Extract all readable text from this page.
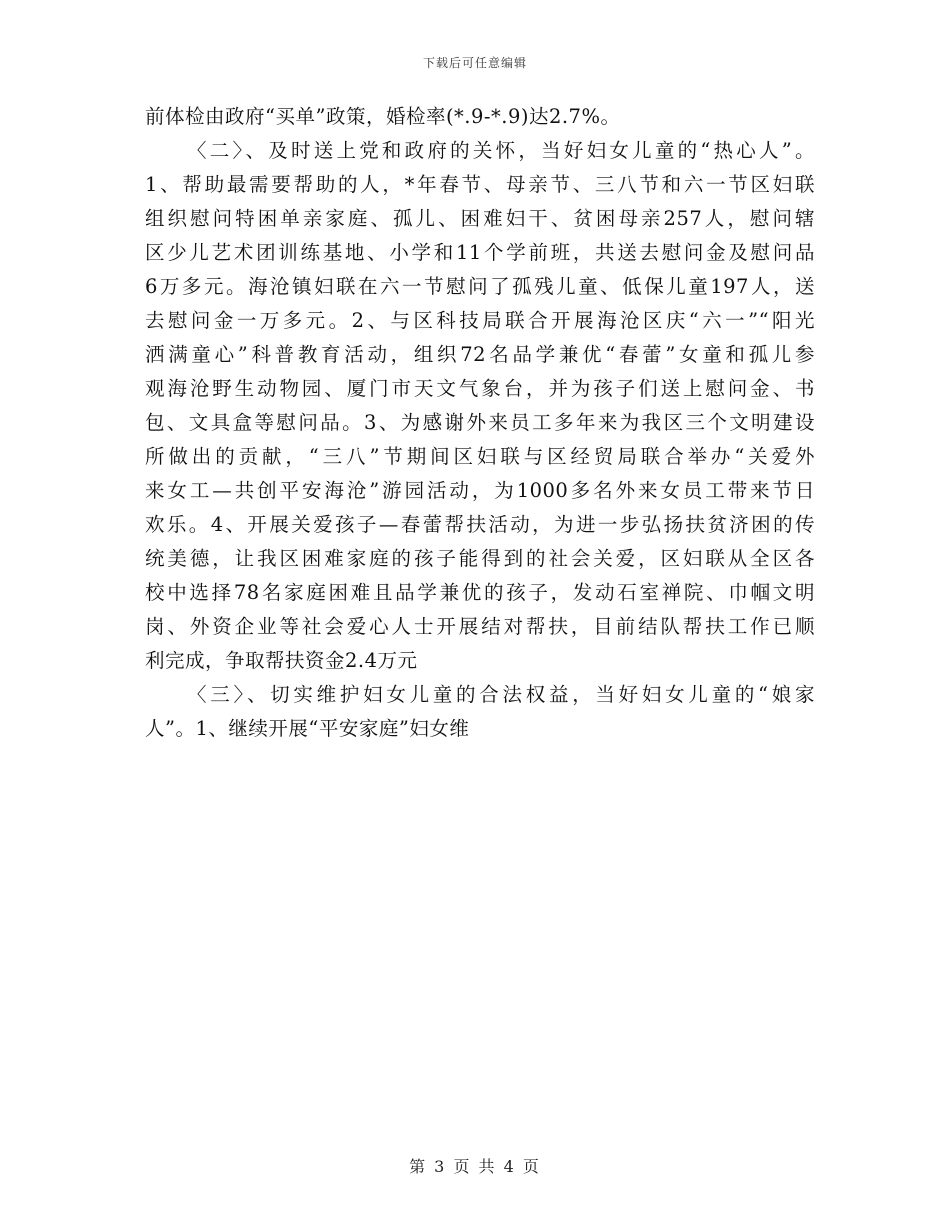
下载后可任意编辑
前体检由政府“买单”政策，婚检率(*.9-*.9)达2.7%。
〈二〉、及时送上党和政府的关怀，当好妇女儿童的“热心人”。
1、帮助最需要帮助的人，*年春节、母亲节、三八节和六一节区妇联
组织慰问特困单亲家庭、孤儿、困难妇干、贫困母亲257人，慰问辖
区少儿艺术团训练基地、小学和11个学前班，共送去慰问金及慰问品
6万多元。海沧镇妇联在六一节慰问了孤残儿童、低保儿童197人，送
去慰问金一万多元。2、与区科技局联合开展海沧区庆“六一”“阳光
洒满童心”科普教育活动，组织72名品学兼优“春蕾”女童和孤儿参
观海沧野生动物园、厦门市天文气象台，并为孩子们送上慰问金、书
包、文具盒等慰问品。3、为感谢外来员工多年来为我区三个文明建设
所做出的贡献，“三八”节期间区妇联与区经贸局联合举办“关爱外
来女工—共创平安海沧”游园活动，为1000多名外来女员工带来节日
欢乐。4、开展关爱孩子—春蕾帮扶活动，为进一步弘扬扶贫济困的传
统美德，让我区困难家庭的孩子能得到的社会关爱，区妇联从全区各
校中选择78名家庭困难且品学兼优的孩子，发动石室禅院、巾帼文明
岗、外资企业等社会爱心人士开展结对帮扶，目前结队帮扶工作已顺
利完成，争取帮扶资金2.4万元
〈三〉、切实维护妇女儿童的合法权益，当好妇女儿童的“娘家
人”。1、继续开展“平安家庭”妇女维
第 3 页 共 4 页
